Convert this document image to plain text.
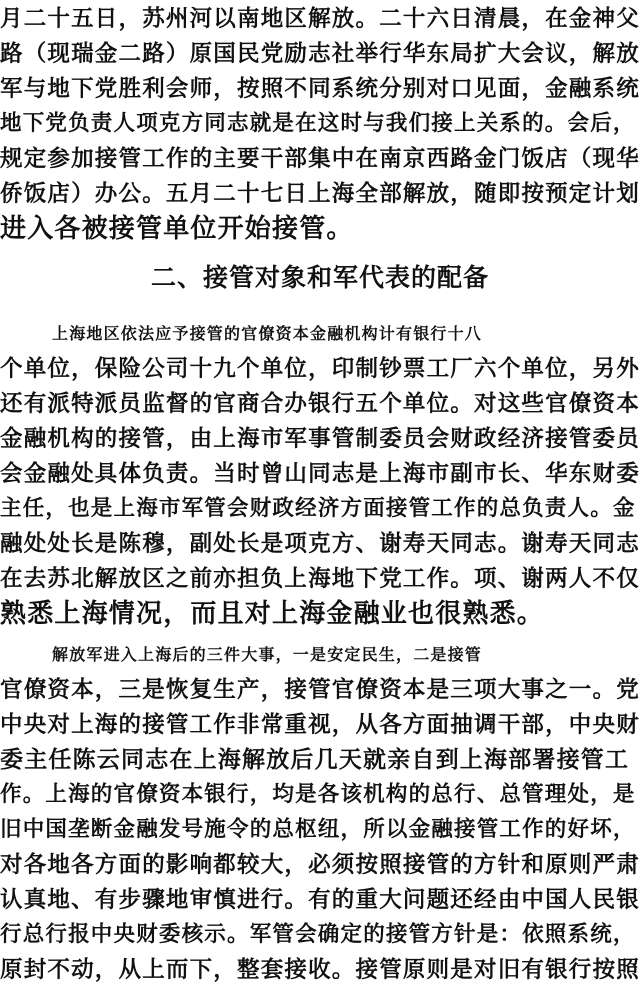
月二十五日，苏州河以南地区解放。二十六日清晨，在金神父

路（现瑞金二路）原国民党励志社举行华东局扩大会议，解放

军与地下党胜利会师，按照不同系统分别对口见面，金融系统

地下党负责人项克方同志就是在这时与我们接上关系的。会后，

规定参加接管工作的主要干部集中在南京西路金门饭店（现华

侨饭店）办公。五月二十七日上海全部解放，随即按预定计划

进入各被接管单位开始接管。

二、接管对象和军代表的配备

上海地区依法应予接管的官僚资本金融机构计有银行十八

个单位，保险公司十九个单位，印制钞票工厂六个单位，另外

还有派特派员监督的官商合办银行五个单位。对这些官僚资本

金融机构的接管，由上海市军事管制委员会财政经济接管委员

会金融处具体负责。当时曾山同志是上海市副市长、华东财委

主任，也是上海市军管会财政经济方面接管工作的总负责人。金

融处处长是陈穆，副处长是项克方、谢寿天同志。谢寿天同志

在去苏北解放区之前亦担负上海地下党工作。项、谢两人不仅

熟悉上海情况，而且对上海金融业也很熟悉。

解放军进入上海后的三件大事，一是安定民生，二是接管

官僚资本，三是恢复生产，接管官僚资本是三项大事之一。党

中央对上海的接管工作非常重视，从各方面抽调干部，中央财

委主任陈云同志在上海解放后几天就亲自到上海部署接管工

作。上海的官僚资本银行，均是各该机构的总行、总管理处，是

旧中国垄断金融发号施令的总枢纽，所以金融接管工作的好坏，

对各地各方面的影响都较大，必须按照接管的方针和原则严肃

认真地、有步骤地审慎进行。有的重大问题还经由中国人民银

行总行报中央财委核示。军管会确定的接管方针是：依照系统，

原封不动，从上而下，整套接收。接管原则是对旧有银行按照
